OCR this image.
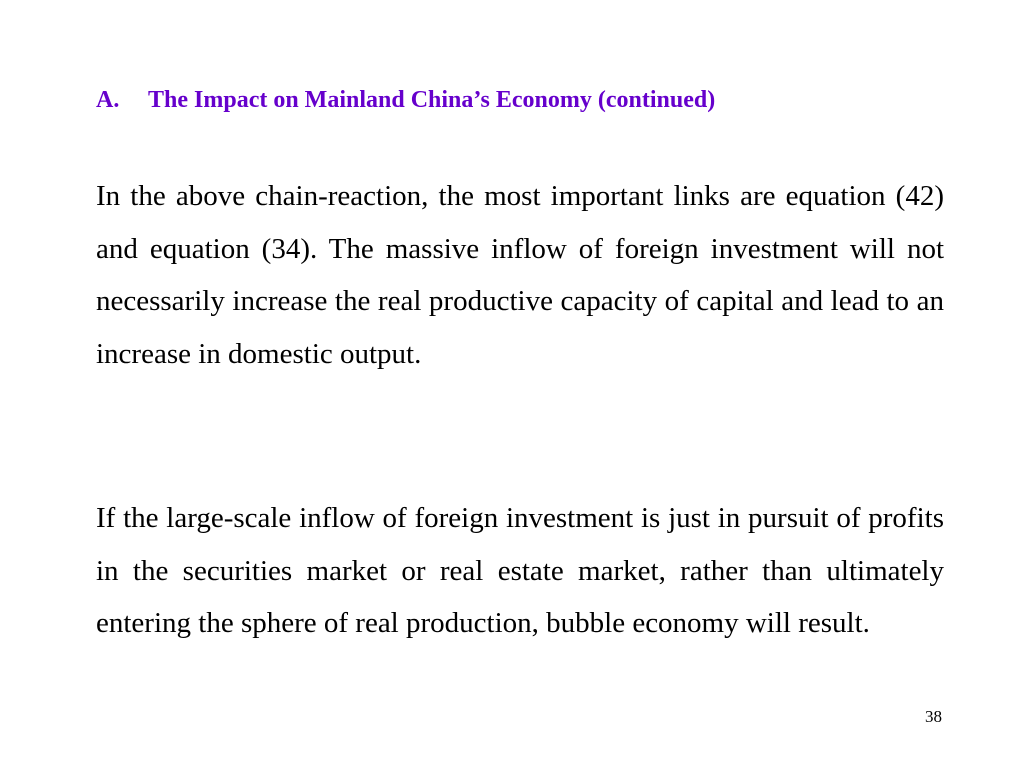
A. The Impact on Mainland China’s Economy (continued)

In the above chain-reaction, the most important links are equation (42) and equation (34). The massive inflow of foreign investment will not necessarily increase the real productive capacity of capital and lead to an increase in domestic output.

If the large-scale inflow of foreign investment is just in pursuit of profits in the securities market or real estate market, rather than ultimately entering the sphere of real production, bubble economy will result.

38
